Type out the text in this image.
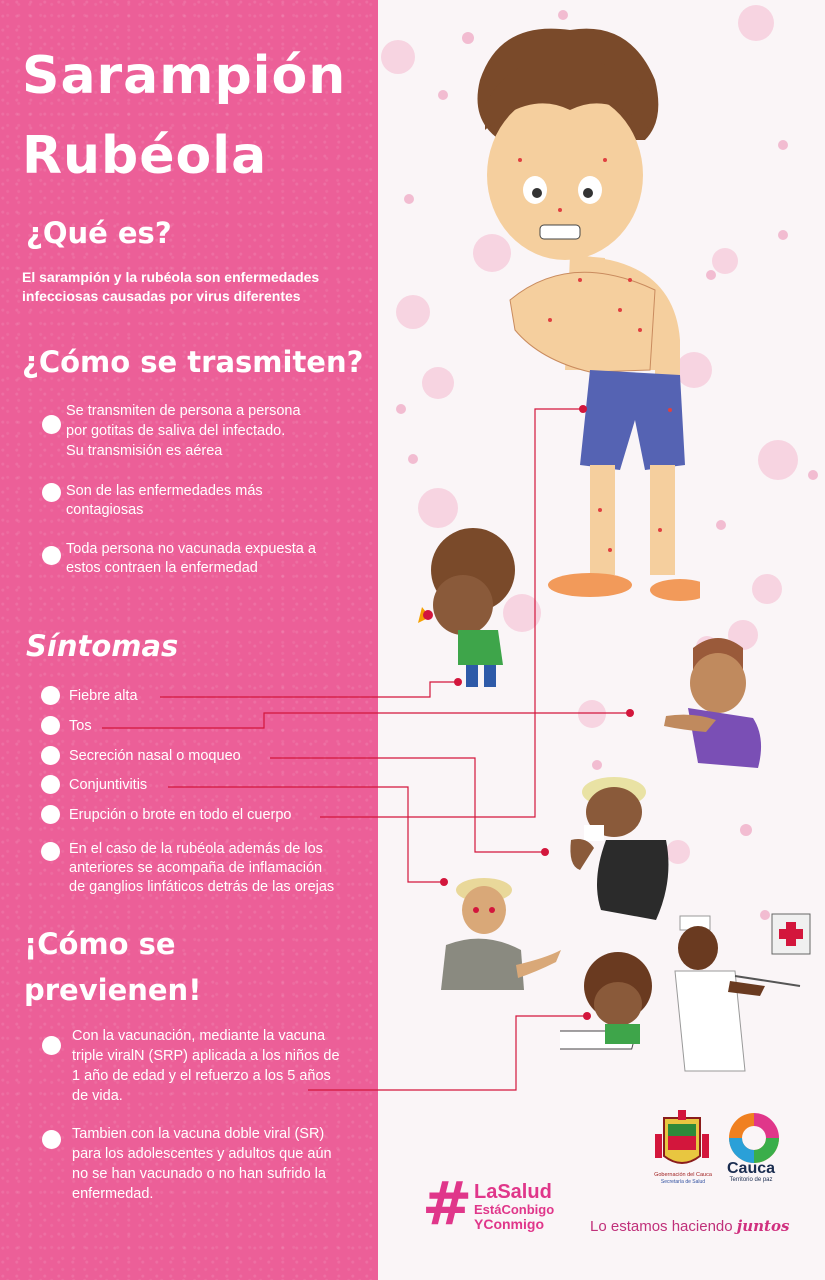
Sarampión
Rubéola
¿Qué es?
El sarampión y la rubéola son enfermedades
infecciosas causadas por virus diferentes
¿Cómo se trasmiten?
Se transmiten de persona a persona
por gotitas de saliva del infectado.
Su transmisión es aérea
Son de las enfermedades más
contagiosas
Toda persona no vacunada expuesta a
estos contraen la enfermedad
Síntomas
Fiebre alta
Tos
Secreción nasal o moqueo
Conjuntivitis
Erupción o brote en todo el cuerpo
En el caso de la rubéola además de los
anteriores se acompaña de inflamación
de ganglios linfáticos detrás de las orejas
¡Cómo se
previenen!
Con la vacunación, mediante la vacuna
triple viralN (SRP) aplicada a los niños de
1 año de edad y el refuerzo a los 5 años
de vida.
Tambien con la vacuna doble viral (SR)
para los adolescentes y adultos que aún
no se han vacunado o no han sufrido la
enfermedad.	# LaSalud
EstáConbigo
YConmigo	Lo estamos haciendo juntos
Gobernación del Cauca
Secretaría de Salud
Cauca
Territorio de paz
